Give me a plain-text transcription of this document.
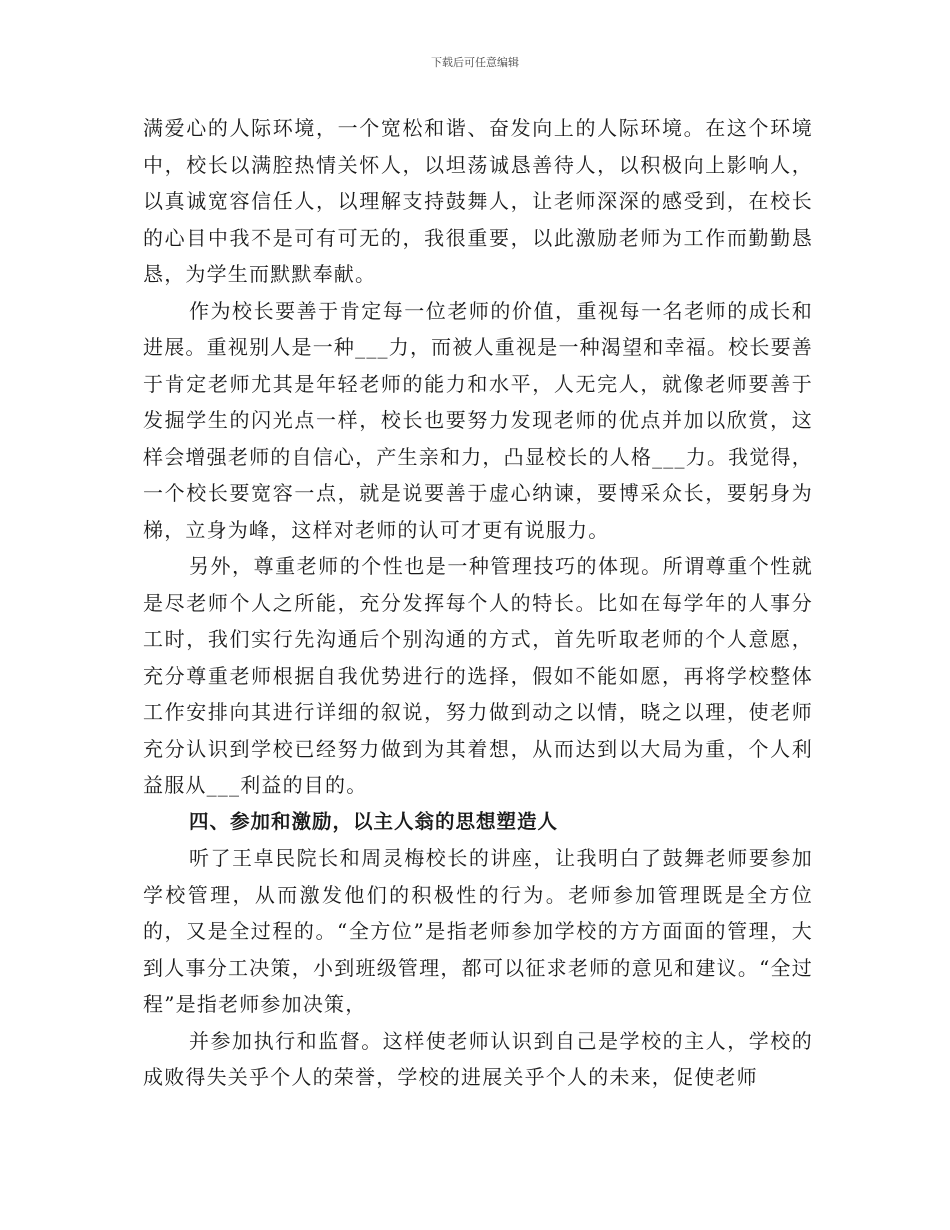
下载后可任意编辑
满爱心的人际环境，一个宽松和谐、奋发向上的人际环境。在这个环境中，校长以满腔热情关怀人，以坦荡诚恳善待人，以积极向上影响人，以真诚宽容信任人，以理解支持鼓舞人，让老师深深的感受到，在校长的心目中我不是可有可无的，我很重要，以此激励老师为工作而勤勤恳恳，为学生而默默奉献。
作为校长要善于肯定每一位老师的价值，重视每一名老师的成长和进展。重视别人是一种___力，而被人重视是一种渴望和幸福。校长要善于肯定老师尤其是年轻老师的能力和水平，人无完人，就像老师要善于发掘学生的闪光点一样，校长也要努力发现老师的优点并加以欣赏，这样会增强老师的自信心，产生亲和力，凸显校长的人格___力。我觉得，一个校长要宽容一点，就是说要善于虚心纳谏，要博采众长，要躬身为梯，立身为峰，这样对老师的认可才更有说服力。
另外，尊重老师的个性也是一种管理技巧的体现。所谓尊重个性就是尽老师个人之所能，充分发挥每个人的特长。比如在每学年的人事分工时，我们实行先沟通后个别沟通的方式，首先听取老师的个人意愿，充分尊重老师根据自我优势进行的选择，假如不能如愿，再将学校整体工作安排向其进行详细的叙说，努力做到动之以情，晓之以理，使老师充分认识到学校已经努力做到为其着想，从而达到以大局为重，个人利益服从___利益的目的。
四、参加和激励，以主人翁的思想塑造人
听了王卓民院长和周灵梅校长的讲座，让我明白了鼓舞老师要参加学校管理，从而激发他们的积极性的行为。老师参加管理既是全方位的，又是全过程的。“全方位”是指老师参加学校的方方面面的管理，大到人事分工决策，小到班级管理，都可以征求老师的意见和建议。“全过程”是指老师参加决策，
并参加执行和监督。这样使老师认识到自己是学校的主人，学校的成败得失关乎个人的荣誉，学校的进展关乎个人的未来，促使老师
